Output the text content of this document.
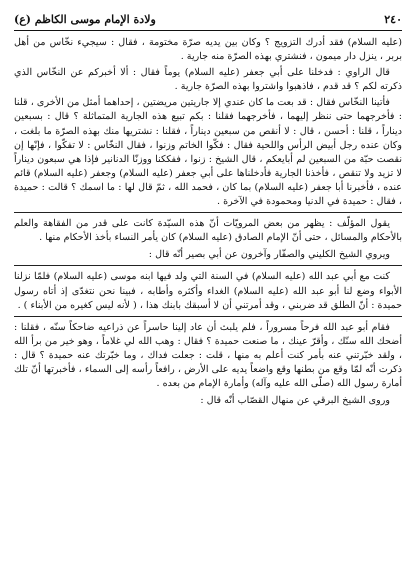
٢٤٠
ولادة الإمام موسى الكاظم (ع)

(عليه السلام) فقد أدرك التزويج ؟ وكان بين يديه صرّة مختومة ، فقال : سيجيء نخّاس من أهل بربر ، ينزل دار ميمون ، فنشتري بهذه الصرّة منه جارية .

قال الراوي : فدخلنا على أبي جعفر (عليه السلام) يوماً فقال : ألا أخبركم عن النخّاس الذي ذكرته لكم ؟ قد قدم ، فاذهبوا واشتروا بهذه الصرّة جارية .

فأتينا النخّاس فقال : قد بعت ما كان عندي إلا جاريتين مريضتين ، إحداهما أمثل من الأخرى ، قلنا : فأخرجهما حتى ننظر إليهما ، فأخرجهما فقلنا : بكم تبيع هذه الجارية المتماثلة ؟ قال : بسبعين ديناراً ، قلنا : أحسن ، قال : لا أنقص من سبعين ديناراً ، فقلنا : نشتريها منك بهذه الصرّة ما بلغت ، وكان عنده رجل أبيض الرأس واللحية فقال : فكّوا الخاتم وزنوا ، فقال النخّاس : لا تفكّوا ، فإنّها إن نقصت حبّة من السبعين لم أبايعكم ، قال الشيخ : زنوا ، ففككنا ووزنّا الدنانير فإذا هي سبعون ديناراً لا تزيد ولا تنقص ، فأخذنا الجارية فأدخلناها على أبي جعفر (عليه السلام) وجعفر (عليه السلام) قائم عنده ، فأخبرنا أبا جعفر (عليه السلام) بما كان ، فحمد الله ، ثمّ قال لها : ما اسمك ؟ قالت : حميدة ، فقال : حميدة في الدنيا ومحمودة في الآخرة .

يقول المؤلّف : يظهر من بعض المرويّات أنّ هذه السيّدة كانت على قدر من الفقاهة والعلم بالأحكام والمسائل ، حتى أنّ الإمام الصادق (عليه السلام) كان يأمر النساء بأخذ الأحكام منها .

ويروي الشيخ الكليني والصفّار وآخرون عن أبي بصير أنّه قال :

كنت مع أبي عبد الله (عليه السلام) في السنة التي ولد فيها ابنه موسى (عليه السلام) فلمّا نزلنا الأبواء وضع لنا أبو عبد الله (عليه السلام) الغداء وأكثره وأطابه ، فبينا نحن نتغدّى إذ أتاه رسول حميدة : أنّ الطلق قد ضربني ، وقد أمرتني أن لا أسبقك بابنك هذا ، ( لأنه ليس كغيره من الأبناء ) .

فقام أبو عبد الله فرحاً مسروراً ، فلم يلبث أن عاد إلينا حاسراً عن ذراعيه ضاحكاً سنّه ، فقلنا : أضحك الله سنّك ، وأقرّ عينك ، ما صنعت حميدة ؟ فقال : وهب الله لي غلاماً ، وهو خير من برأ الله ، ولقد خبّرتني عنه بأمر كنت أعلم به منها ، قلت : جعلت فداك ، وما خبّرتك عنه حميدة ؟ قال : ذكرت أنّه لمّا وقع من بطنها وقع واضعاً يديه على الأرض ، رافعاً رأسه إلى السماء ، فأخبرتها أنّ تلك أمارة رسول الله (صلّى الله عليه وآله) وأمارة الإمام من بعده .

وروى الشيخ البرقي عن منهال القصّاب أنّه قال :
